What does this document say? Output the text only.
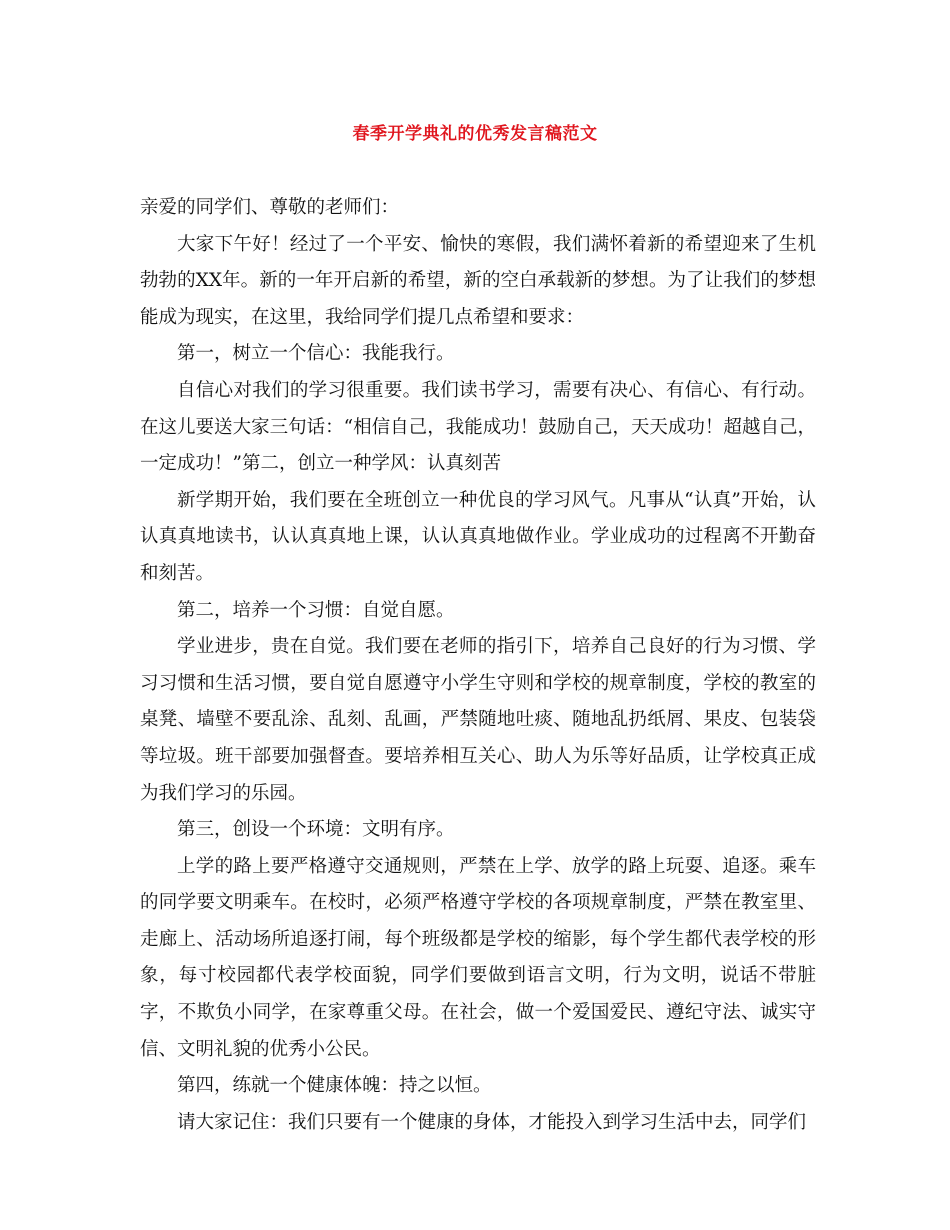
春季开学典礼的优秀发言稿范文

亲爱的同学们、尊敬的老师们：

大家下午好！经过了一个平安、愉快的寒假，我们满怀着新的希望迎来了生机勃勃的XX年。新的一年开启新的希望，新的空白承载新的梦想。为了让我们的梦想能成为现实，在这里，我给同学们提几点希望和要求：

第一，树立一个信心：我能我行。

自信心对我们的学习很重要。我们读书学习，需要有决心、有信心、有行动。在这儿要送大家三句话：“相信自己，我能成功！鼓励自己，天天成功！超越自己，一定成功！”第二，创立一种学风：认真刻苦

新学期开始，我们要在全班创立一种优良的学习风气。凡事从“认真”开始，认认真真地读书，认认真真地上课，认认真真地做作业。学业成功的过程离不开勤奋和刻苦。

第二，培养一个习惯：自觉自愿。

学业进步，贵在自觉。我们要在老师的指引下，培养自己良好的行为习惯、学习习惯和生活习惯，要自觉自愿遵守小学生守则和学校的规章制度，学校的教室的桌凳、墙壁不要乱涂、乱刻、乱画，严禁随地吐痰、随地乱扔纸屑、果皮、包装袋等垃圾。班干部要加强督查。要培养相互关心、助人为乐等好品质，让学校真正成为我们学习的乐园。

第三，创设一个环境：文明有序。

上学的路上要严格遵守交通规则，严禁在上学、放学的路上玩耍、追逐。乘车的同学要文明乘车。在校时，必须严格遵守学校的各项规章制度，严禁在教室里、走廊上、活动场所追逐打闹，每个班级都是学校的缩影，每个学生都代表学校的形象，每寸校园都代表学校面貌，同学们要做到语言文明，行为文明，说话不带脏字，不欺负小同学，在家尊重父母。在社会，做一个爱国爱民、遵纪守法、诚实守信、文明礼貌的优秀小公民。

第四，练就一个健康体魄：持之以恒。

请大家记住：我们只要有一个健康的身体，才能投入到学习生活中去，同学们
